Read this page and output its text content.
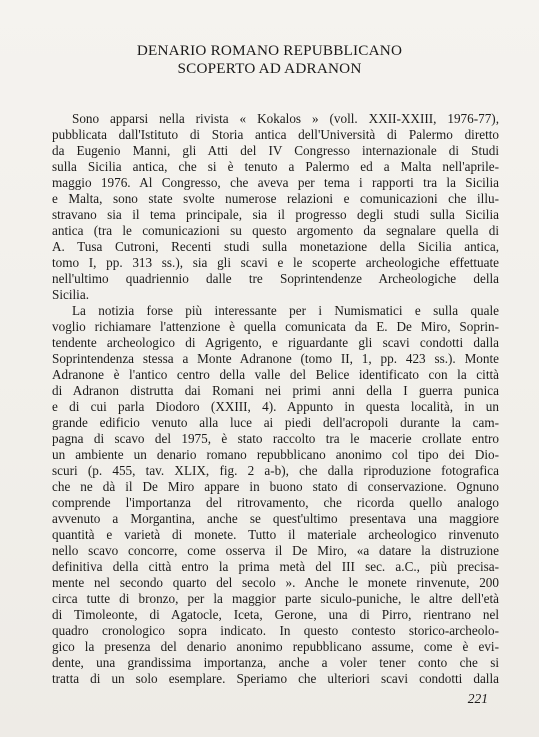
DENARIO ROMANO REPUBBLICANO
SCOPERTO AD ADRANON
Sono apparsi nella rivista « Kokalos » (voll. XXII-XXIII, 1976-77),
pubblicata dall'Istituto di Storia antica dell'Università di Palermo diretto
da Eugenio Manni, gli Atti del IV Congresso internazionale di Studi
sulla Sicilia antica, che si è tenuto a Palermo ed a Malta nell'aprile-
maggio 1976. Al Congresso, che aveva per tema i rapporti tra la Sicilia
e Malta, sono state svolte numerose relazioni e comunicazioni che illu-
stravano sia il tema principale, sia il progresso degli studi sulla Sicilia
antica (tra le comunicazioni su questo argomento da segnalare quella di
A. Tusa Cutroni, Recenti studi sulla monetazione della Sicilia antica,
tomo I, pp. 313 ss.), sia gli scavi e le scoperte archeologiche effettuate
nell'ultimo quadriennio dalle tre Soprintendenze Archeologiche della
Sicilia.
La notizia forse più interessante per i Numismatici e sulla quale
voglio richiamare l'attenzione è quella comunicata da E. De Miro, Soprin-
tendente archeologico di Agrigento, e riguardante gli scavi condotti dalla
Soprintendenza stessa a Monte Adranone (tomo II, 1, pp. 423 ss.). Monte
Adranone è l'antico centro della valle del Belice identificato con la città
di Adranon distrutta dai Romani nei primi anni della I guerra punica
e di cui parla Diodoro (XXIII, 4). Appunto in questa località, in un
grande edificio venuto alla luce ai piedi dell'acropoli durante la cam-
pagna di scavo del 1975, è stato raccolto tra le macerie crollate entro
un ambiente un denario romano repubblicano anonimo col tipo dei Dio-
scuri (p. 455, tav. XLIX, fig. 2 a-b), che dalla riproduzione fotografica
che ne dà il De Miro appare in buono stato di conservazione. Ognuno
comprende l'importanza del ritrovamento, che ricorda quello analogo
avvenuto a Morgantina, anche se quest'ultimo presentava una maggiore
quantità e varietà di monete. Tutto il materiale archeologico rinvenuto
nello scavo concorre, come osserva il De Miro, «a datare la distruzione
definitiva della città entro la prima metà del III sec. a.C., più precisa-
mente nel secondo quarto del secolo ». Anche le monete rinvenute, 200
circa tutte di bronzo, per la maggior parte siculo-puniche, le altre dell'età
di Timoleonte, di Agatocle, Iceta, Gerone, una di Pirro, rientrano nel
quadro cronologico sopra indicato. In questo contesto storico-archeolo-
gico la presenza del denario anonimo repubblicano assume, come è evi-
dente, una grandissima importanza, anche a voler tener conto che si
tratta di un solo esemplare. Speriamo che ulteriori scavi condotti dalla
221
